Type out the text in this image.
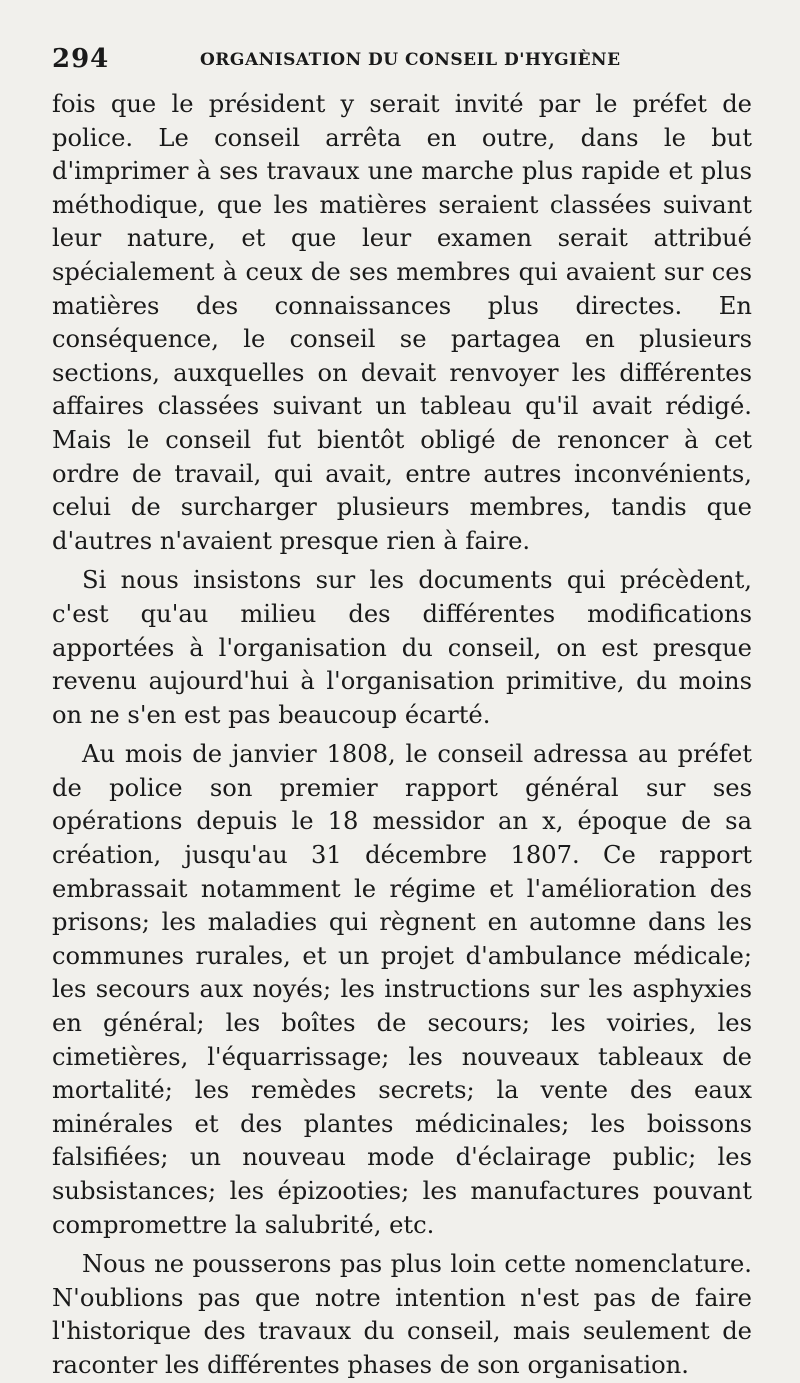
294	ORGANISATION DU CONSEIL D'HYGIÈNE

fois que le président y serait invité par le préfet de police. Le conseil arrêta en outre, dans le but d'imprimer à ses travaux une marche plus rapide et plus méthodique, que les matières seraient classées suivant leur nature, et que leur examen serait attribué spécialement à ceux de ses membres qui avaient sur ces matières des connaissances plus directes. En conséquence, le conseil se partagea en plusieurs sections, auxquelles on devait renvoyer les différentes affaires classées suivant un tableau qu'il avait rédigé. Mais le conseil fut bientôt obligé de renoncer à cet ordre de travail, qui avait, entre autres inconvénients, celui de surcharger plusieurs membres, tandis que d'autres n'avaient presque rien à faire.

Si nous insistons sur les documents qui précèdent, c'est qu'au milieu des différentes modifications apportées à l'organisation du conseil, on est presque revenu aujourd'hui à l'organisation primitive, du moins on ne s'en est pas beaucoup écarté.

Au mois de janvier 1808, le conseil adressa au préfet de police son premier rapport général sur ses opérations depuis le 18 messidor an x, époque de sa création, jusqu'au 31 décembre 1807. Ce rapport embrassait notamment le régime et l'amélioration des prisons; les maladies qui règnent en automne dans les communes rurales, et un projet d'ambulance médicale; les secours aux noyés; les instructions sur les asphyxies en général; les boîtes de secours; les voiries, les cimetières, l'équarrissage; les nouveaux tableaux de mortalité; les remèdes secrets; la vente des eaux minérales et des plantes médicinales; les boissons falsifiées; un nouveau mode d'éclairage public; les subsistances; les épizooties; les manufactures pouvant compromettre la salubrité, etc.

Nous ne pousserons pas plus loin cette nomenclature. N'oublions pas que notre intention n'est pas de faire l'historique des travaux du conseil, mais seulement de raconter les différentes phases de son organisation.
